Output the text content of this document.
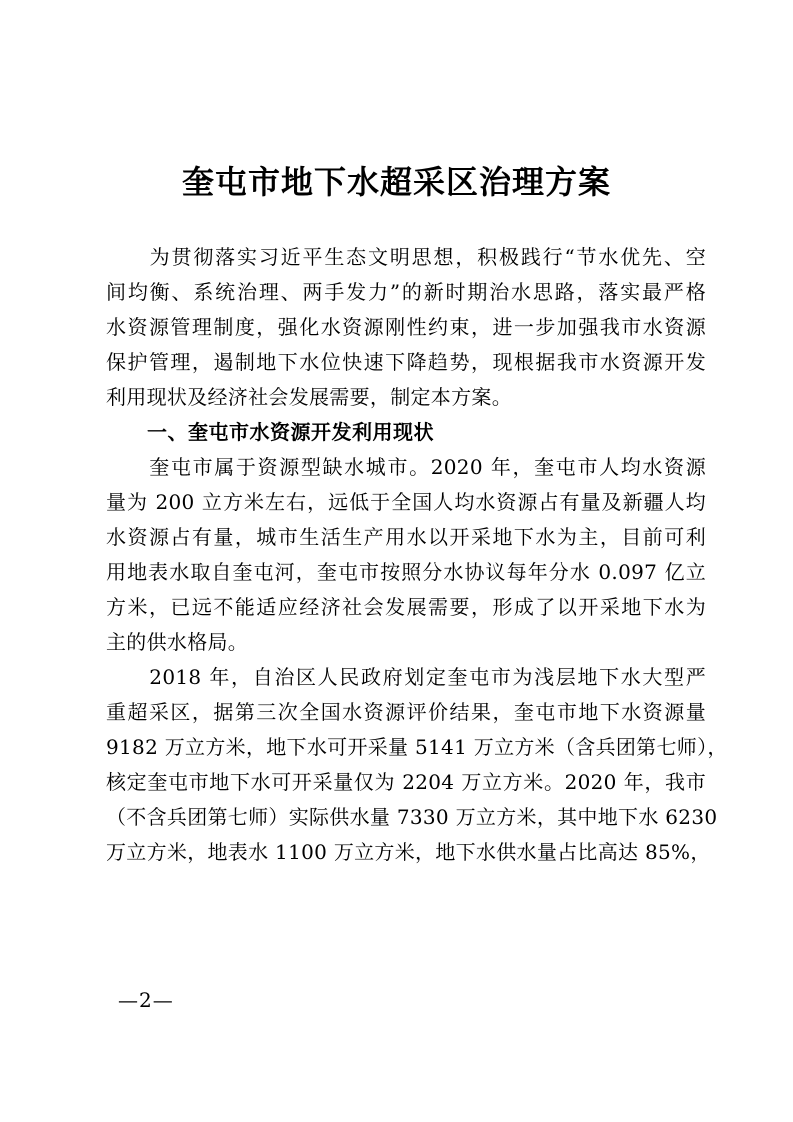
奎屯市地下水超采区治理方案
　　为贯彻落实习近平生态文明思想，积极践行“节水优先、空
间均衡、系统治理、两手发力”的新时期治水思路，落实最严格
水资源管理制度，强化水资源刚性约束，进一步加强我市水资源
保护管理，遏制地下水位快速下降趋势，现根据我市水资源开发
利用现状及经济社会发展需要，制定本方案。
　　一、奎屯市水资源开发利用现状
　　奎屯市属于资源型缺水城市。2020 年，奎屯市人均水资源
量为 200 立方米左右，远低于全国人均水资源占有量及新疆人均
水资源占有量，城市生活生产用水以开采地下水为主，目前可利
用地表水取自奎屯河，奎屯市按照分水协议每年分水 0.097 亿立
方米，已远不能适应经济社会发展需要，形成了以开采地下水为
主的供水格局。
　　2018 年，自治区人民政府划定奎屯市为浅层地下水大型严
重超采区，据第三次全国水资源评价结果，奎屯市地下水资源量
9182 万立方米，地下水可开采量 5141 万立方米（含兵团第七师），
核定奎屯市地下水可开采量仅为 2204 万立方米。2020 年，我市
（不含兵团第七师）实际供水量 7330 万立方米，其中地下水 6230
万立方米，地表水 1100 万立方米，地下水供水量占比高达 85%，
—2—
